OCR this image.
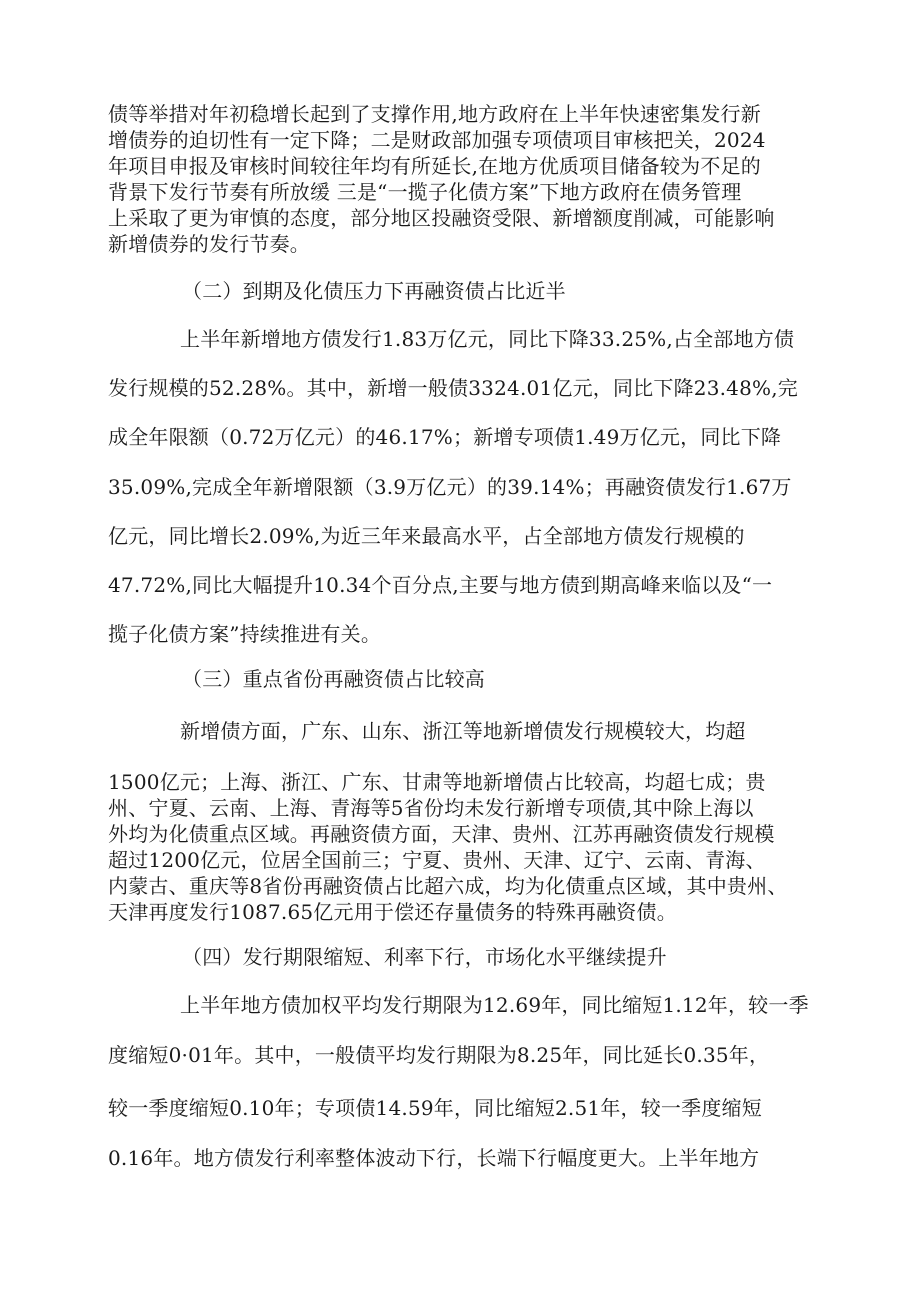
债等举措对年初稳增长起到了支撑作用,地方政府在上半年快速密集发行新

增债券的迫切性有一定下降；二是财政部加强专项债项目审核把关，2024

年项目申报及审核时间较往年均有所延长,在地方优质项目储备较为不足的

背景下发行节奏有所放缓 三是“一揽子化债方案”下地方政府在债务管理

上采取了更为审慎的态度，部分地区投融资受限、新增额度削减，可能影响

新增债券的发行节奏。

（二）到期及化债压力下再融资债占比近半

上半年新增地方债发行1.83万亿元，同比下降33.25%,占全部地方债

发行规模的52.28%。其中，新增一般债3324.01亿元，同比下降23.48%,完

成全年限额（0.72万亿元）的46.17%；新增专项债1.49万亿元，同比下降

35.09%,完成全年新增限额（3.9万亿元）的39.14%；再融资债发行1.67万

亿元，同比增长2.09%,为近三年来最高水平，占全部地方债发行规模的

47.72%,同比大幅提升10.34个百分点,主要与地方债到期高峰来临以及“一

揽子化债方案”持续推进有关。

（三）重点省份再融资债占比较高

新增债方面，广东、山东、浙江等地新增债发行规模较大，均超

1500亿元；上海、浙江、广东、甘肃等地新增债占比较高，均超七成；贵

州、宁夏、云南、上海、青海等5省份均未发行新增专项债,其中除上海以

外均为化债重点区域。再融资债方面，天津、贵州、江苏再融资债发行规模

超过1200亿元，位居全国前三；宁夏、贵州、天津、辽宁、云南、青海、

内蒙古、重庆等8省份再融资债占比超六成，均为化债重点区域，其中贵州、

天津再度发行1087.65亿元用于偿还存量债务的特殊再融资债。

（四）发行期限缩短、利率下行，市场化水平继续提升

上半年地方债加权平均发行期限为12.69年，同比缩短1.12年，较一季

度缩短0·01年。其中，一般债平均发行期限为8.25年，同比延长0.35年，

较一季度缩短0.10年；专项债14.59年，同比缩短2.51年，较一季度缩短

0.16年。地方债发行利率整体波动下行，长端下行幅度更大。上半年地方
